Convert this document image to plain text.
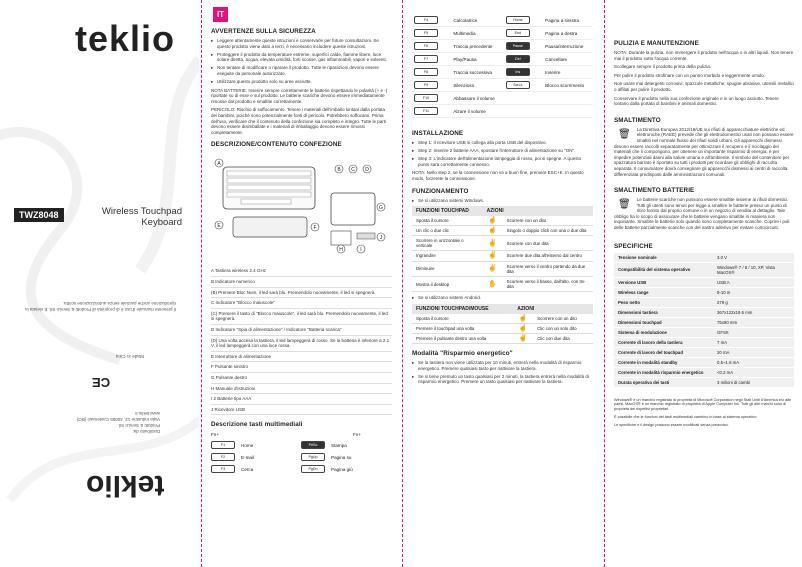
teklio
TWZ8048	Wireless Touchpad
Keyboard
Il presente manuale d'uso è di proprietà di Prodotti & Servizi Srl. È vietata la riproduzione anche parziale senza autorizzazione scritta.
CE
Made in Cina
Distribuito da:
Prodotti & Servizi Srl.
Viale Industrie 12, 40055 Castenaso (BO)
www.teklio.it
teklio
IT
AVVERTENZE SULLA SICUREZZA
▸ Leggere attentamente queste istruzioni e conservarle per future consultazioni. Se questo prodotto viene dato a terzi, è necessario includere queste istruzioni.
▸ Proteggere il prodotto da temperature estreme, superfici calde, fiamme libere, luce solare diretta, acqua, elevata umidità, forti scosse, gas infiammabili, vapori e solventi.
▸ Non tentare di modificare o riparare il prodotto. Tutte le riparazioni devono essere eseguite da personale autorizzato.
▸ Utilizzare questo prodotto solo su aree asciutte.

NOTA BATTERIE: Inserire sempre correttamente le batterie rispettando le polarità (+ e -) riportate su di esse e sul prodotto. Le batterie scariche devono essere immediatamente rimosse dal prodotto e smaltite correttamente.

PERICOLO: Rischio di soffocamento. Tenere i materiali dell'imballo lontani dalla portata dei bambini, poiché sono potenzialmente fonti di pericolo. Potrebbero soffocarsi. Prima dell'uso, verificare che il contenuto della confezione sia completo e integro. Tutte le parti devono essere disimballate e i materiali di imballaggio devono essere rimossi completamente.

DESCRIZIONE/CONTENUTO CONFEZIONE
A
B C D
E	F
G
H	I
J
A Tastiera wireless 2.4 GHz
B Indicatore numerico
(B) Premere Bloc Num, il led sarà blu. Premendolo nuovamente, il led si spegnerà.
C Indicatore "Blocco maiuscole"
(C) Premere il tasto di "Blocco maiuscole", il led sarà blu. Premendolo nuovamente, il led si spegnerà.
D Indicatore "Spia di alimentazione" / Indicatore "Batteria scarica"
(D) Una volta accesa la tastiera, il led lampeggerà di rosso. Se la batteria è inferiore a 2.1 V, il led lampeggerà con una luce rossa.
E Interruttore di alimentazione
F Pulsante sinistro
G Pulsante destro
H Manuale d'istruzioni
I 2 Batterie tipo AAA
J Ricevitore USB
Descrizione tasti multimediali
Fn+	Fn+
F1	Home	PrtSc	Stampa
F2	E-mail	PgUp	Pagina su
F3	Cerca	PgDn	Pagina giù
F4	Calcolatrice	Home	Pagina a sinistra
F5	Multimedia	End	Pagina a destra
F6	Traccia precedente	Pause	Pausa/interruzione
F7	Play/Pausa	Del	Cancellare
F8	Traccia successiva	Ins	Inserire
F9	Silenzioso	ScrLk	Blocco scorrimento
F10	Abbassare il volume		
F11	Alzare il volume		
INSTALLAZIONE
▸ Step 1: Il ricevitore USB si collega alla porta USB del dispositivo.
▸ Step 2: Inserire 2 batterie AAA, spostare l'interruttore di alimentazione su "ON".
▸ Step 3: L'indicatore dell'alimentazione lampeggia di rosso, poi si spegne. A questo punto sarà correttamente connesso.

NOTA: Nello step 2, se la connessione non va a buon fine, premere ESC+K. In questo modo, forzerete la connessione.

FUNZIONAMENTO
▸ Se si utilizzano sistemi Windows.
FUNZIONI TOUCHPAD	AZIONI	
Sposta il cursore	☝	Scorrere con un dito
Un clic o due clic	☝	Singolo o doppio click con una o due dita
Scorrere in orizzontale o verticale	✌	Scorrere con due dita
Ingrandire	✌	Scorrere due dita all'esterno dal centro
Diminuire	✌	Scorrere verso il centro partendo da due dita
Mostra il desktop	✋	Scorrere verso il basso, dall'alto, con tre dita
▸ Se si utilizzano sistemi Android.
FUNZIONI TOUCHPAD/MOUSE	AZIONI	
Sposta il cursore	☝	Scorrere con un dito
Premere il touchpad una volta	☝	Clic con un solo dito
Premere il pulsante destro una volta	✌	Clic con due dita
Modalità "Risparmio energetico"
▸ Se la tastiera non viene utilizzata per 10 minuti, entrerà nella modalità di risparmio energetico. Premere qualsiasi tasto per riattivare la tastiera.
▸ Se si tiene premuto un tasto qualsiasi per 2 minuti, la tastiera entrerà nella modalità di risparmio energetico. Premere un tasto qualsiasi per riattivare la tastiera.
PULIZIA E MANUTENZIONE

NOTA: Durante la pulizia, non immergere il prodotto nell'acqua o in altri liquidi. Non tenere mai il prodotto sotto l'acqua corrente.

Scollegare sempre il prodotto prima della pulizia.

Per pulire il prodotto strofinare con un panno morbido e leggermente umido.

Non usare mai detergenti corrosivi, spazzole metalliche, spugne abrasive, utensili metallici o affilati per pulire il prodotto.

Conservare il prodotto nella sua confezione originale e in un luogo asciutto. Tenere lontano dalla portata di bambini e animali domestici.

SMALTIMENTO
🗑	La Direttiva Europea 2012/19/UE sui rifiuti di apparecchiature elettriche ed elettroniche (RAEE) prevede che gli elettrodomestici usati non possano essere smaltiti nel normale flusso dei rifiuti solidi urbani. Gli apparecchi dismessi devono essere raccolti separatamente per ottimizzare il recupero e il riciclaggio dei materiali che li compongono, per ottenere un importante risparmio di energia, e per impedire potenziali danni alla salute umana e all'ambiente. Il simbolo del contenitore per spazzatura barrato è riportato su tutti i prodotti per ricordare gli obblighi di raccolta separata. Il consumatore dovrà consegnare gli apparecchi dismessi ai centri di raccolta differenziata predisposti dalle amministrazioni comunali.

SMALTIMENTO BATTERIE
🗑	Le batterie scariche non possono essere smaltite insieme ai rifiuti domestici. Tutti gli utenti sono tenuti per legge a smaltire le batterie presso un punto di ritiro fornito dal proprio comune o in un negozio di vendita al dettaglio. Tale obbligo ha lo scopo di assicurare che le batterie vengano smaltite in maniera non inquinante. Smaltire le batterie solo quando sono completamente scariche. Coprire i poli delle batterie parzialmente scariche con del nastro adesivo per evitare cortocircuiti.

SPECIFICHE
Tensione nominale	3.0 V
Compatibilità del sistema operativo	Windows® 7 / 8 / 10, XP, Vista MacOS®
Versione USB	USB A
Wireless range	8-10 m
Peso netto	279 g
Dimensioni tastiera	367x122x19.6 mm
Dimensioni touchpad	75x90 mm
Sistema di modulazione	GFSK
Corrente di lavoro della tastiera	7 mA
Corrente di lavoro del touchpad	20 mA
Corrente in modalità standby	0.5~1.5 mA
Corrente in modalità risparmio energetico	<0.2 mA
Durata operativa dei tasti	3 milioni di cambi

Windows® è un marchio registrato di proprietà di Microsoft Corporation negli Stati Uniti d'America e/o altri paesi. MacOS® è un marchio registrato di proprietà di Apple Computer Inc. Tutti gli altri marchi sono di proprietà dei rispettivi proprietari.

È possibile che le funzioni dei tasti multimediali cambino in base al sistema operativo.

Le specifiche e il design possono essere modificati senza preavviso.
